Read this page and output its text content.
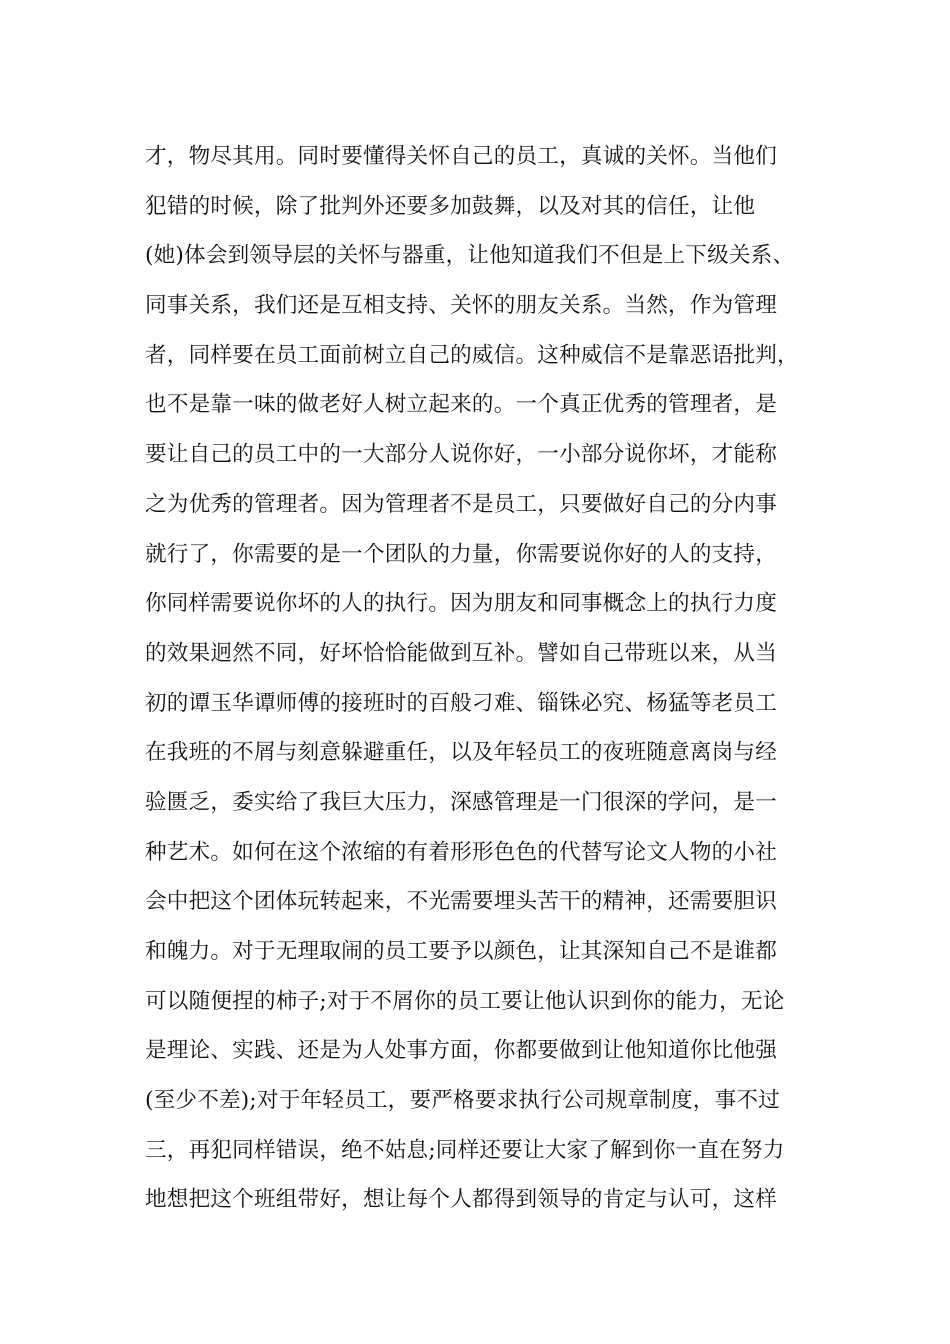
才，物尽其用。同时要懂得关怀自己的员工，真诚的关怀。当他们
犯错的时候，除了批判外还要多加鼓舞，以及对其的信任，让他
(她)体会到领导层的关怀与器重，让他知道我们不但是上下级关系、
同事关系，我们还是互相支持、关怀的朋友关系。当然，作为管理
者，同样要在员工面前树立自己的威信。这种威信不是靠恶语批判，
也不是靠一味的做老好人树立起来的。一个真正优秀的管理者，是
要让自己的员工中的一大部分人说你好，一小部分说你坏，才能称
之为优秀的管理者。因为管理者不是员工，只要做好自己的分内事
就行了，你需要的是一个团队的力量，你需要说你好的人的支持，
你同样需要说你坏的人的执行。因为朋友和同事概念上的执行力度
的效果迥然不同，好坏恰恰能做到互补。譬如自己带班以来，从当
初的谭玉华谭师傅的接班时的百般刁难、锱铢必究、杨猛等老员工
在我班的不屑与刻意躲避重任，以及年轻员工的夜班随意离岗与经
验匮乏，委实给了我巨大压力，深感管理是一门很深的学问，是一
种艺术。如何在这个浓缩的有着形形色色的代替写论文人物的小社
会中把这个团体玩转起来，不光需要埋头苦干的精神，还需要胆识
和魄力。对于无理取闹的员工要予以颜色，让其深知自己不是谁都
可以随便捏的柿子;对于不屑你的员工要让他认识到你的能力，无论
是理论、实践、还是为人处事方面，你都要做到让他知道你比他强
(至少不差);对于年轻员工，要严格要求执行公司规章制度，事不过
三，再犯同样错误，绝不姑息;同样还要让大家了解到你一直在努力
地想把这个班组带好，想让每个人都得到领导的肯定与认可，这样
